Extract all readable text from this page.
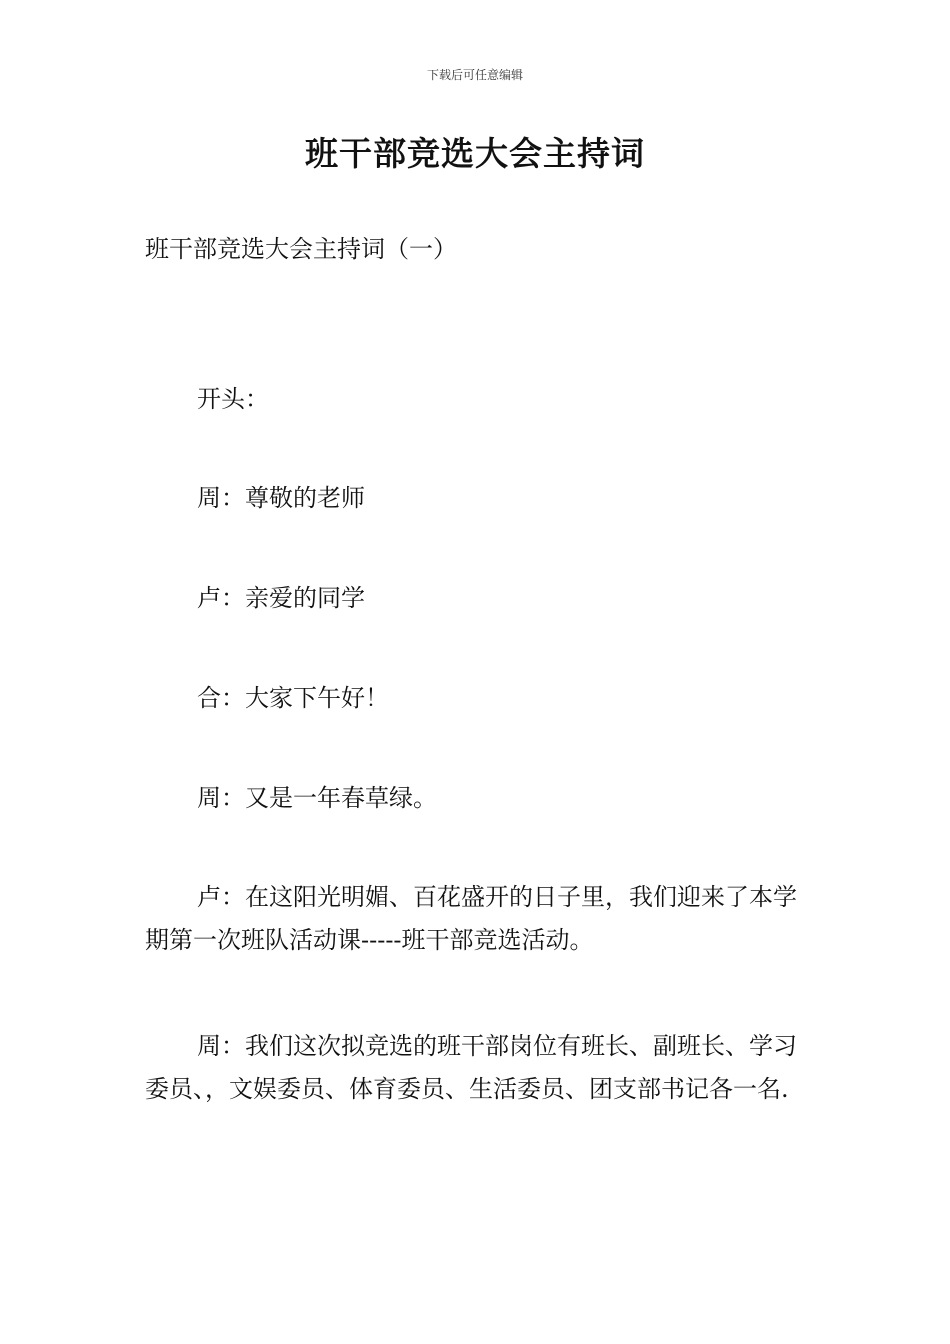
下载后可任意编辑
班干部竞选大会主持词
班干部竞选大会主持词（一）

开头：

周：尊敬的老师

卢：亲爱的同学

合：大家下午好！

周：又是一年春草绿。

卢：在这阳光明媚、百花盛开的日子里，我们迎来了本学期第一次班队活动课-----班干部竞选活动。

周：我们这次拟竞选的班干部岗位有班长、副班长、学习委员、，文娱委员、体育委员、生活委员、团支部书记各一名.
